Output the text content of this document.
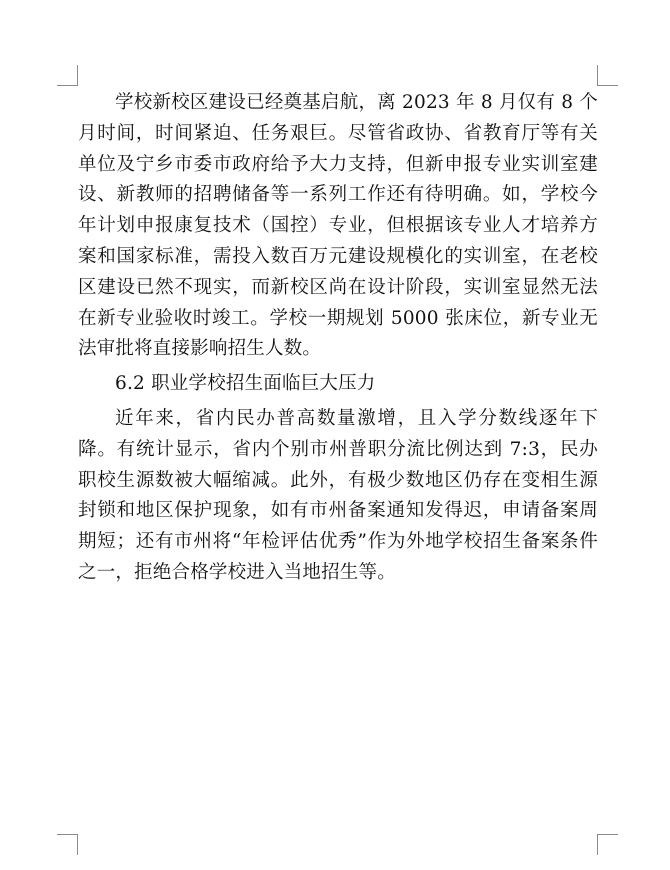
学校新校区建设已经奠基启航，离 2023 年 8 月仅有 8 个月时间，时间紧迫、任务艰巨。尽管省政协、省教育厅等有关单位及宁乡市委市政府给予大力支持，但新申报专业实训室建设、新教师的招聘储备等一系列工作还有待明确。如，学校今年计划申报康复技术（国控）专业，但根据该专业人才培养方案和国家标准，需投入数百万元建设规模化的实训室，在老校区建设已然不现实，而新校区尚在设计阶段，实训室显然无法在新专业验收时竣工。学校一期规划 5000 张床位，新专业无法审批将直接影响招生人数。

6.2 职业学校招生面临巨大压力

近年来，省内民办普高数量激增，且入学分数线逐年下降。有统计显示，省内个别市州普职分流比例达到 7:3，民办职校生源数被大幅缩减。此外，有极少数地区仍存在变相生源封锁和地区保护现象，如有市州备案通知发得迟，申请备案周期短；还有市州将“年检评估优秀”作为外地学校招生备案条件之一，拒绝合格学校进入当地招生等。
